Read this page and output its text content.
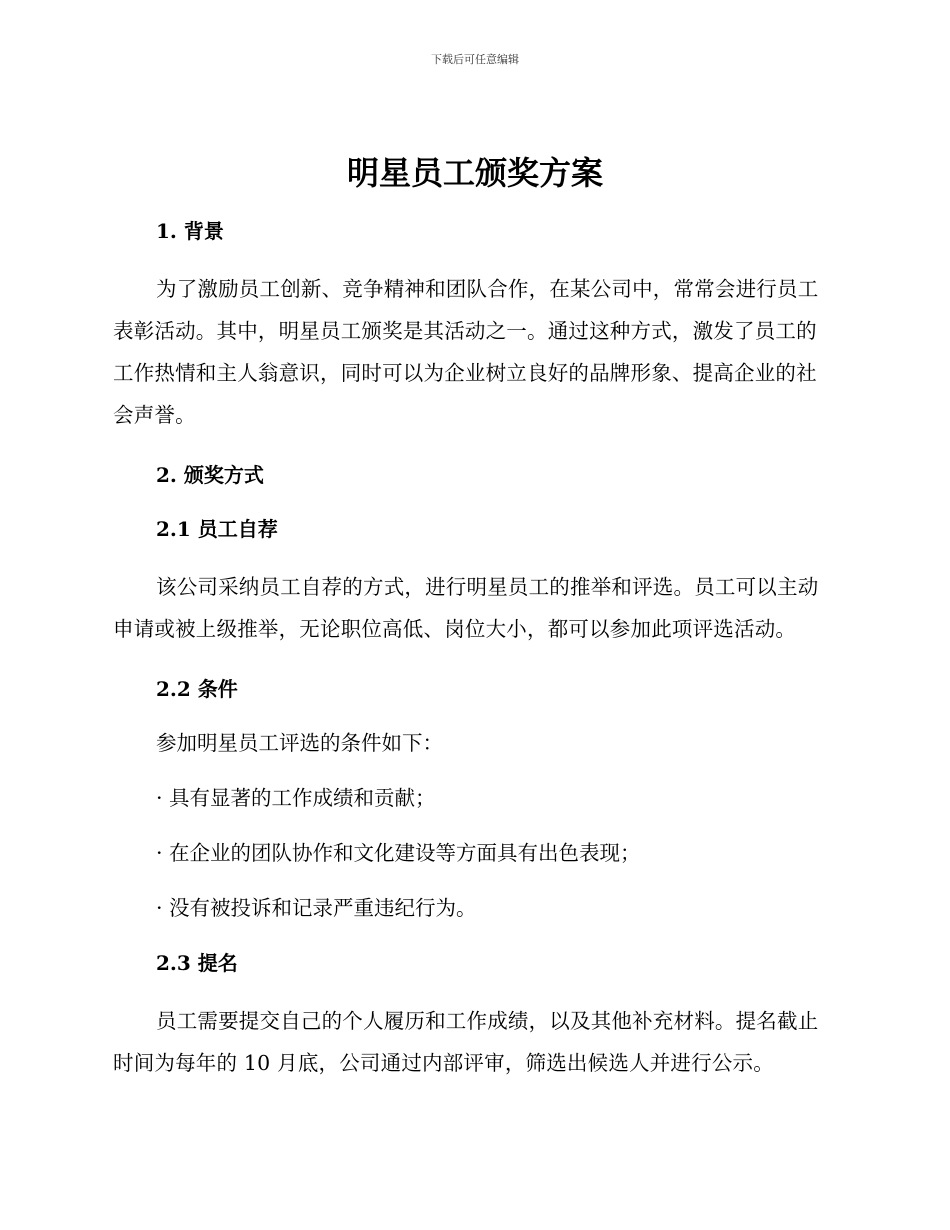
下载后可任意编辑
明星员工颁奖方案
1. 背景

为了激励员工创新、竞争精神和团队合作，在某公司中，常常会进行员工表彰活动。其中，明星员工颁奖是其活动之一。通过这种方式，激发了员工的工作热情和主人翁意识，同时可以为企业树立良好的品牌形象、提高企业的社会声誉。

2. 颁奖方式
2.1 员工自荐

该公司采纳员工自荐的方式，进行明星员工的推举和评选。员工可以主动申请或被上级推举，无论职位高低、岗位大小，都可以参加此项评选活动。

2.2 条件

参加明星员工评选的条件如下：

· 具有显著的工作成绩和贡献；

· 在企业的团队协作和文化建设等方面具有出色表现；

· 没有被投诉和记录严重违纪行为。

2.3 提名

员工需要提交自己的个人履历和工作成绩，以及其他补充材料。提名截止时间为每年的 10 月底，公司通过内部评审，筛选出候选人并进行公示。
